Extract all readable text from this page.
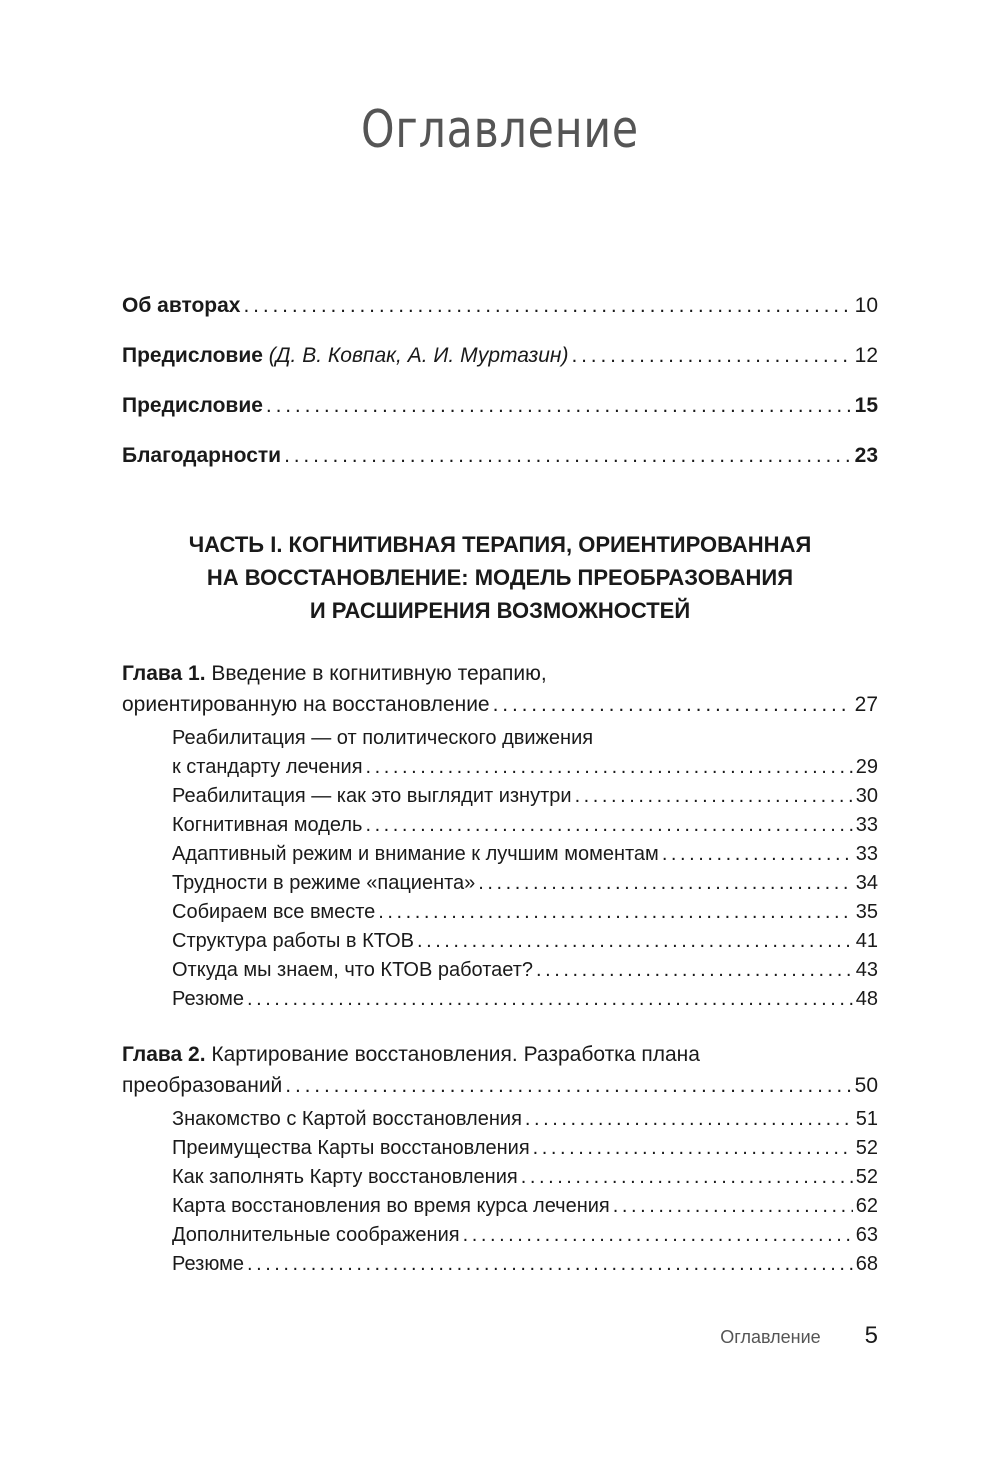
Оглавление
Об авторах . . .	10
Предисловие (Д. В. Ковпак, А. И. Муртазин) . . .	12
Предисловие . . .	15
Благодарности . . .	23
ЧАСТЬ I. КОГНИТИВНАЯ ТЕРАПИЯ, ОРИЕНТИРОВАННАЯ
НА ВОССТАНОВЛЕНИЕ: МОДЕЛЬ ПРЕОБРАЗОВАНИЯ
И РАСШИРЕНИЯ ВОЗМОЖНОСТЕЙ
Глава 1. Введение в когнитивную терапию,
ориентированную на восстановление . . .	27
Реабилитация — от политического движения
к стандарту лечения . . .	29
Реабилитация — как это выглядит изнутри . . .	30
Когнитивная модель . . .	33
Адаптивный режим и внимание к лучшим моментам . . .	33
Трудности в режиме «пациента» . . .	34
Собираем все вместе . . .	35
Структура работы в КТОВ . . .	41
Откуда мы знаем, что КТОВ работает? . . .	43
Резюме . . .	48
Глава 2. Картирование восстановления. Разработка плана
преобразований . . .	50
Знакомство с Картой восстановления . . .	51
Преимущества Карты восстановления . . .	52
Как заполнять Карту восстановления . . .	52
Карта восстановления во время курса лечения . . .	62
Дополнительные соображения . . .	63
Резюме . . .	68
Оглавление 5
